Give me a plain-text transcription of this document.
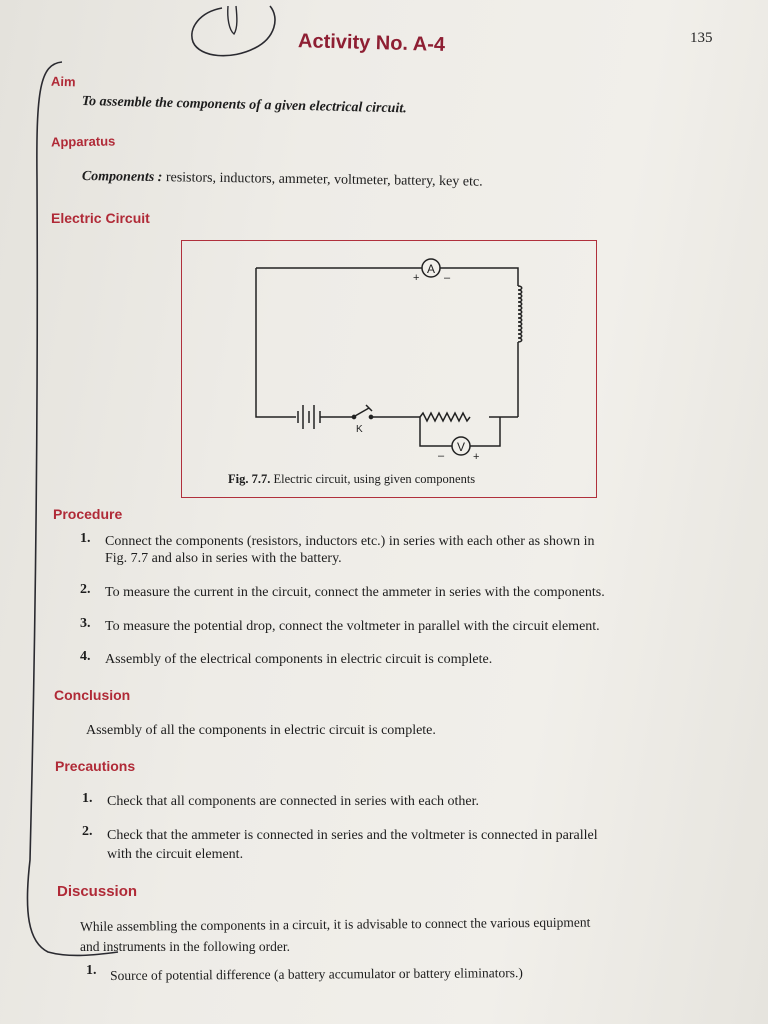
135
Activity No. A-4
Aim
To assemble the components of a given electrical circuit.
Apparatus
Components : resistors, inductors, ammeter, voltmeter, battery, key etc.
Electric Circuit
A
+ –
V
–	+
K
Fig. 7.7. Electric circuit, using given components
Procedure
1. Connect the components (resistors, inductors etc.) in series with each other as shown in
Fig. 7.7 and also in series with the battery.
2. To measure the current in the circuit, connect the ammeter in series with the components.
3. To measure the potential drop, connect the voltmeter in parallel with the circuit element.
4. Assembly of the electrical components in electric circuit is complete.
Conclusion
Assembly of all the components in electric circuit is complete.
Precautions
1. Check that all components are connected in series with each other.
2. Check that the ammeter is connected in series and the voltmeter is connected in parallel
with the circuit element.
Discussion
While assembling the components in a circuit, it is advisable to connect the various equipment
and instruments in the following order.
1. Source of potential difference (a battery accumulator or battery eliminators.)
